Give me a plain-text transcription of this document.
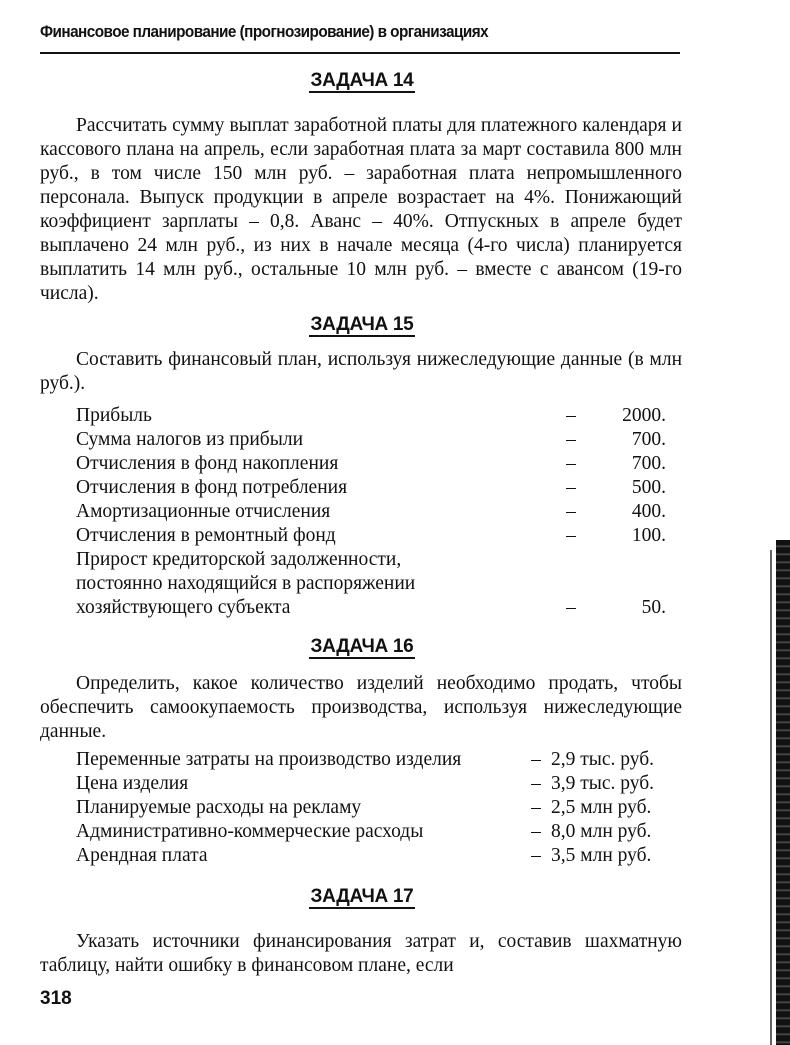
Финансовое планирование (прогнозирование) в организациях
ЗАДАЧА 14

Рассчитать сумму выплат заработной платы для платежного календаря и кассового плана на апрель, если заработная плата за март составила 800 млн руб., в том числе 150 млн руб. – заработная плата непромышленного персонала. Выпуск продукции в апреле возрастает на 4%. Понижающий коэффициент зарплаты – 0,8. Аванс – 40%. Отпускных в апреле будет выплачено 24 млн руб., из них в начале месяца (4-го числа) планируется выплатить 14 млн руб., остальные 10 млн руб. – вместе с авансом (19-го числа).

ЗАДАЧА 15

Составить финансовый план, используя нижеследующие данные (в млн руб.).

Прибыль	–	2000.
Сумма налогов из прибыли	–	700.
Отчисления в фонд накопления	–	700.
Отчисления в фонд потребления	–	500.
Амортизационные отчисления	–	400.
Отчисления в ремонтный фонд	–	100.

Прирост кредиторской задолженности,
постоянно находящийся в распоряжении
хозяйствующего субъекта	–	50.
ЗАДАЧА 16

Определить, какое количество изделий необходимо продать, чтобы обеспечить самоокупаемость производства, используя нижеследующие данные.

Переменные затраты на производство изделия	–	2,9 тыс. руб.
Цена изделия	–	3,9 тыс. руб.
Планируемые расходы на рекламу	–	2,5 млн руб.
Административно-коммерческие расходы	–	8,0 млн руб.
Арендная плата	–	3,5 млн руб.
ЗАДАЧА 17

Указать источники финансирования затрат и, составив шахматную таблицу, найти ошибку в финансовом плане, если

318
